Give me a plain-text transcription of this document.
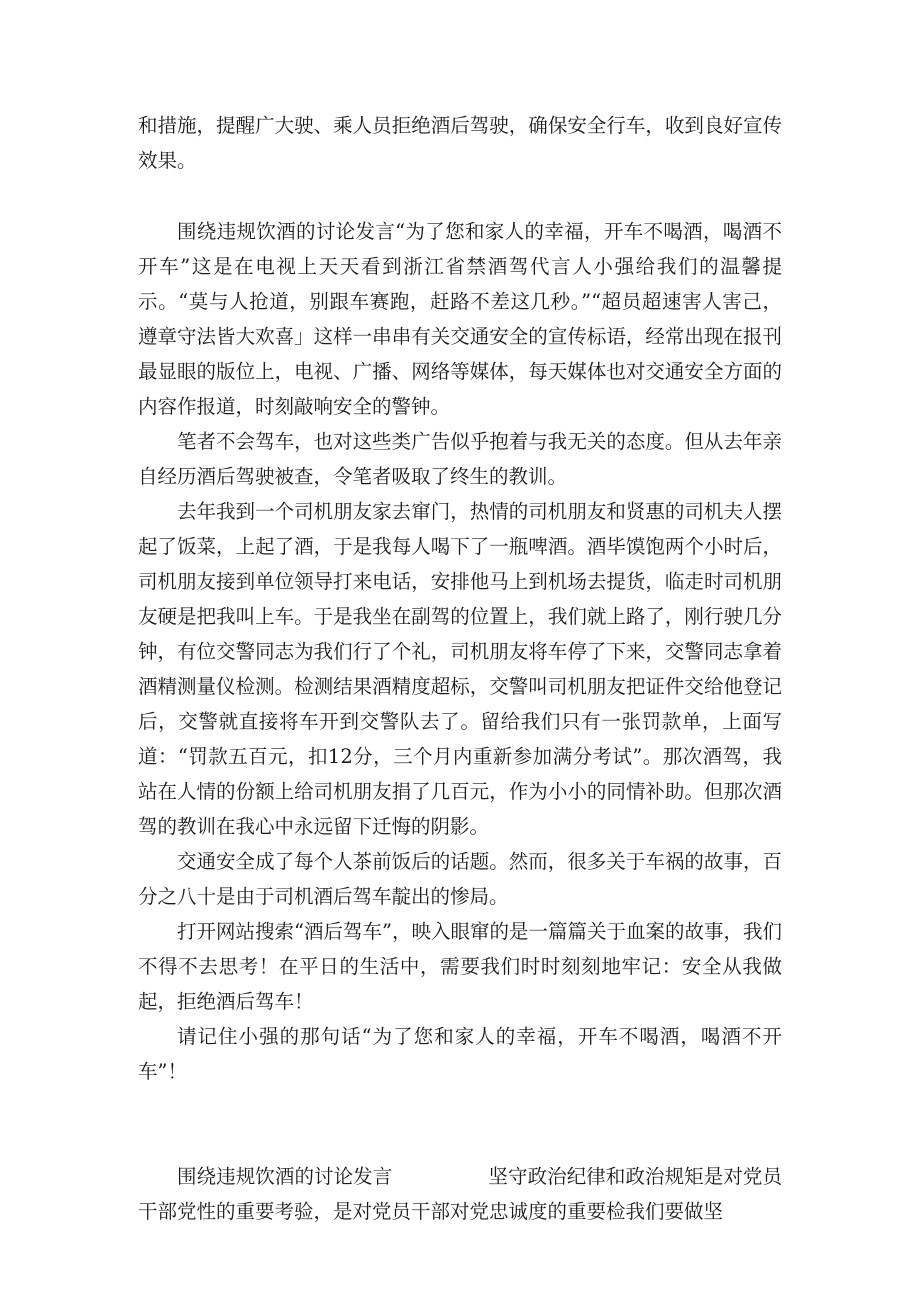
和措施，提醒广大驶、乘人员拒绝酒后驾驶，确保安全行车，收到良好宣传效果。

围绕违规饮酒的讨论发言“为了您和家人的幸福，开车不喝酒，喝酒不开车”这是在电视上天天看到浙江省禁酒驾代言人小强给我们的温馨提示。“莫与人抢道，别跟车赛跑，赶路不差这几秒。”“超员超速害人害己，遵章守法皆大欢喜」这样一串串有关交通安全的宣传标语，经常出现在报刊最显眼的版位上，电视、广播、网络等媒体，每天媒体也对交通安全方面的内容作报道，时刻敲响安全的警钟。

笔者不会驾车，也对这些类广告似乎抱着与我无关的态度。但从去年亲自经历酒后驾驶被查，令笔者吸取了终生的教训。

去年我到一个司机朋友家去窜门，热情的司机朋友和贤惠的司机夫人摆起了饭菜，上起了酒，于是我每人喝下了一瓶啤酒。酒毕馍饱两个小时后，司机朋友接到单位领导打来电话，安排他马上到机场去提货，临走时司机朋友硬是把我叫上车。于是我坐在副驾的位置上，我们就上路了，刚行驶几分钟，有位交警同志为我们行了个礼，司机朋友将车停了下来，交警同志拿着酒精测量仪检测。检测结果酒精度超标，交警叫司机朋友把证件交给他登记后，交警就直接将车开到交警队去了。留给我们只有一张罚款单，上面写道：“罚款五百元，扣12分，三个月内重新参加满分考试”。那次酒驾，我站在人情的份额上给司机朋友捐了几百元，作为小小的同情补助。但那次酒驾的教训在我心中永远留下迁悔的阴影。

交通安全成了每个人茶前饭后的话题。然而，很多关于车祸的故事，百分之八十是由于司机酒后驾车靛出的惨局。

打开网站搜索“酒后驾车”，映入眼窜的是一篇篇关于血案的故事，我们不得不去思考！在平日的生活中，需要我们时时刻刻地牢记：安全从我做起，拒绝酒后驾车！

请记住小强的那句话“为了您和家人的幸福，开车不喝酒，喝酒不开车”！

围绕违规饮酒的讨论发言	坚守政治纪律和政治规矩是对党员干部党性的重要考验，是对党员干部对党忠诚度的重要检我们要做坚
